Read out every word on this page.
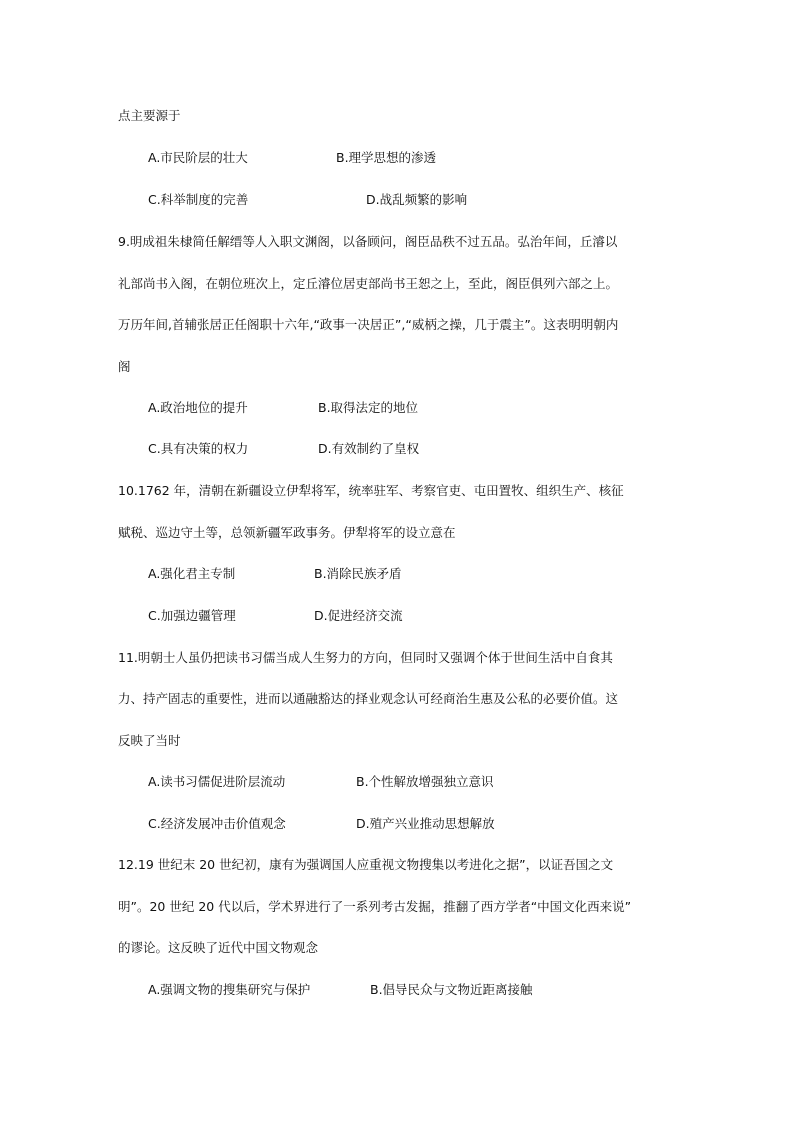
点主要源于
A.市民阶层的壮大	B.理学思想的渗透
C.科举制度的完善	D.战乱频繁的影响
9.明成祖朱棣简任解缙等人入职文渊阁，以备顾问，阁臣品秩不过五品。弘治年间，丘濬以
礼部尚书入阁，在朝位班次上，定丘濬位居吏部尚书王恕之上，至此，阁臣俱列六部之上。
万历年间,首辅张居正任阁职十六年,“政事一决居正”,“威柄之操，几于震主”。这表明明朝内
阁
A.政治地位的提升	B.取得法定的地位
C.具有决策的权力	D.有效制约了皇权
10.1762 年，清朝在新疆设立伊犁将军，统率驻军、考察官吏、屯田置牧、组织生产、核征
赋税、巡边守土等，总领新疆军政事务。伊犁将军的设立意在
A.强化君主专制	B.消除民族矛盾
C.加强边疆管理	D.促进经济交流
11.明朝士人虽仍把读书习儒当成人生努力的方向，但同时又强调个体于世间生活中自食其
力、持产固志的重要性，进而以通融豁达的择业观念认可经商治生惠及公私的必要价值。这
反映了当时
A.读书习儒促进阶层流动	B.个性解放增强独立意识
C.经济发展冲击价值观念	D.殖产兴业推动思想解放
12.19 世纪末 20 世纪初，康有为强调国人应重视文物搜集以考进化之据”，以证吾国之文
明”。20 世纪 20 代以后，学术界进行了一系列考古发掘，推翻了西方学者“中国文化西来说”
的谬论。这反映了近代中国文物观念
A.强调文物的搜集研究与保护	B.倡导民众与文物近距离接触
